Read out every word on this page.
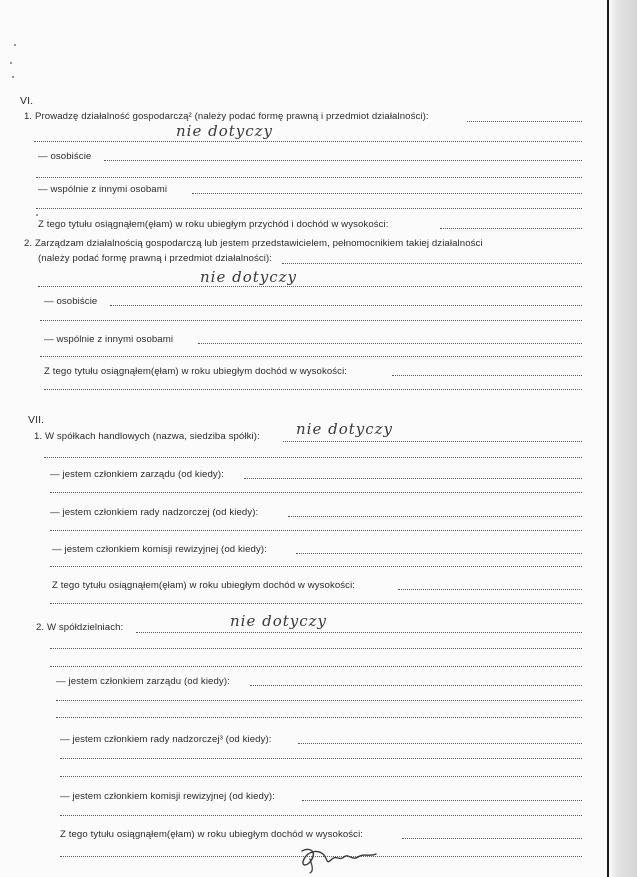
VI.
1. Prowadzę działalność gospodarczą² (należy podać formę prawną i przedmiot działalności):
nie dotyczy
— osobiście
— wspólnie z innymi osobami
Z tego tytułu osiągnąłem(ęłam) w roku ubiegłym przychód i dochód w wysokości:
2. Zarządzam działalnością gospodarczą lub jestem przedstawicielem, pełnomocnikiem takiej działalności
(należy podać formę prawną i przedmiot działalności):
nie dotyczy
— osobiście
— wspólnie z innymi osobami
Z tego tytułu osiągnąłem(ęłam) w roku ubiegłym dochód w wysokości:
VII.
1. W spółkach handlowych (nazwa, siedziba spółki): nie dotyczy
— jestem członkiem zarządu (od kiedy):
— jestem członkiem rady nadzorczej (od kiedy):
— jestem członkiem komisji rewizyjnej (od kiedy):
Z tego tytułu osiągnąłem(ęłam) w roku ubiegłym dochód w wysokości:
2. W spółdzielniach:	nie dotyczy
— jestem członkiem zarządu (od kiedy):
— jestem członkiem rady nadzorczej³ (od kiedy):
— jestem członkiem komisji rewizyjnej (od kiedy):
Z tego tytułu osiągnąłem(ęłam) w roku ubiegłym dochód w wysokości:
